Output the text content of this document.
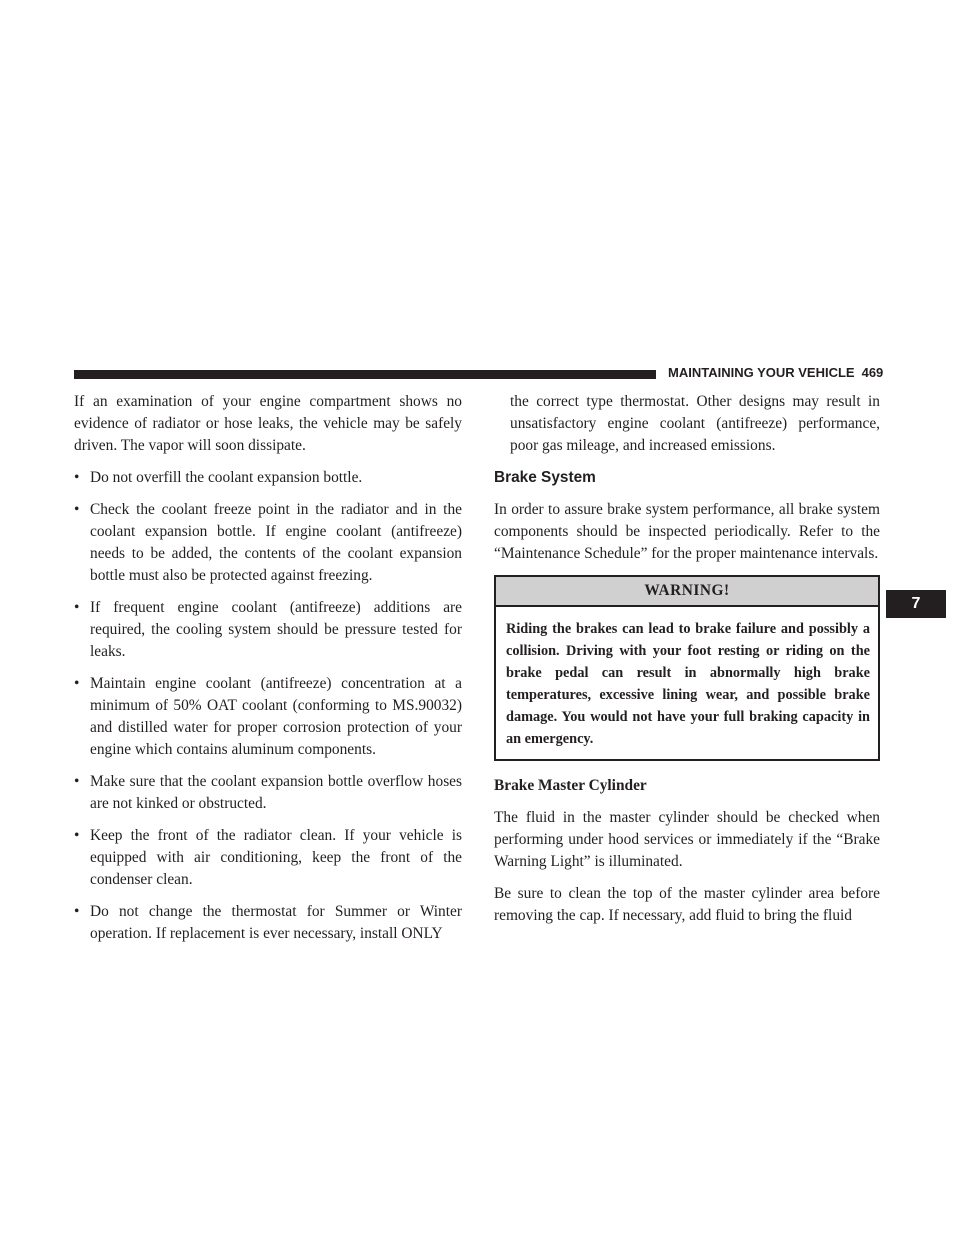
MAINTAINING YOUR VEHICLE 469

If an examination of your engine compartment shows no evidence of radiator or hose leaks, the vehicle may be safely driven. The vapor will soon dissipate.

• Do not overfill the coolant expansion bottle.
• Check the coolant freeze point in the radiator and in the coolant expansion bottle. If engine coolant (antifreeze) needs to be added, the contents of the coolant expansion bottle must also be protected against freezing.
• If frequent engine coolant (antifreeze) additions are required, the cooling system should be pressure tested for leaks.
• Maintain engine coolant (antifreeze) concentration at a minimum of 50% OAT coolant (conforming to MS.90032) and distilled water for proper corrosion protection of your engine which contains aluminum components.
• Make sure that the coolant expansion bottle overflow hoses are not kinked or obstructed.
• Keep the front of the radiator clean. If your vehicle is equipped with air conditioning, keep the front of the condenser clean.
• Do not change the thermostat for Summer or Winter operation. If replacement is ever necessary, install ONLY

the correct type thermostat. Other designs may result in unsatisfactory engine coolant (antifreeze) performance, poor gas mileage, and increased emissions.

Brake System

In order to assure brake system performance, all brake system components should be inspected periodically. Refer to the “Maintenance Schedule” for the proper maintenance intervals.

WARNING!
Riding the brakes can lead to brake failure and possibly a collision. Driving with your foot resting or riding on the brake pedal can result in abnormally high brake temperatures, excessive lining wear, and possible brake damage. You would not have your full braking capacity in an emergency.

Brake Master Cylinder

The fluid in the master cylinder should be checked when performing under hood services or immediately if the “Brake Warning Light” is illuminated.

Be sure to clean the top of the master cylinder area before removing the cap. If necessary, add fluid to bring the fluid

7
